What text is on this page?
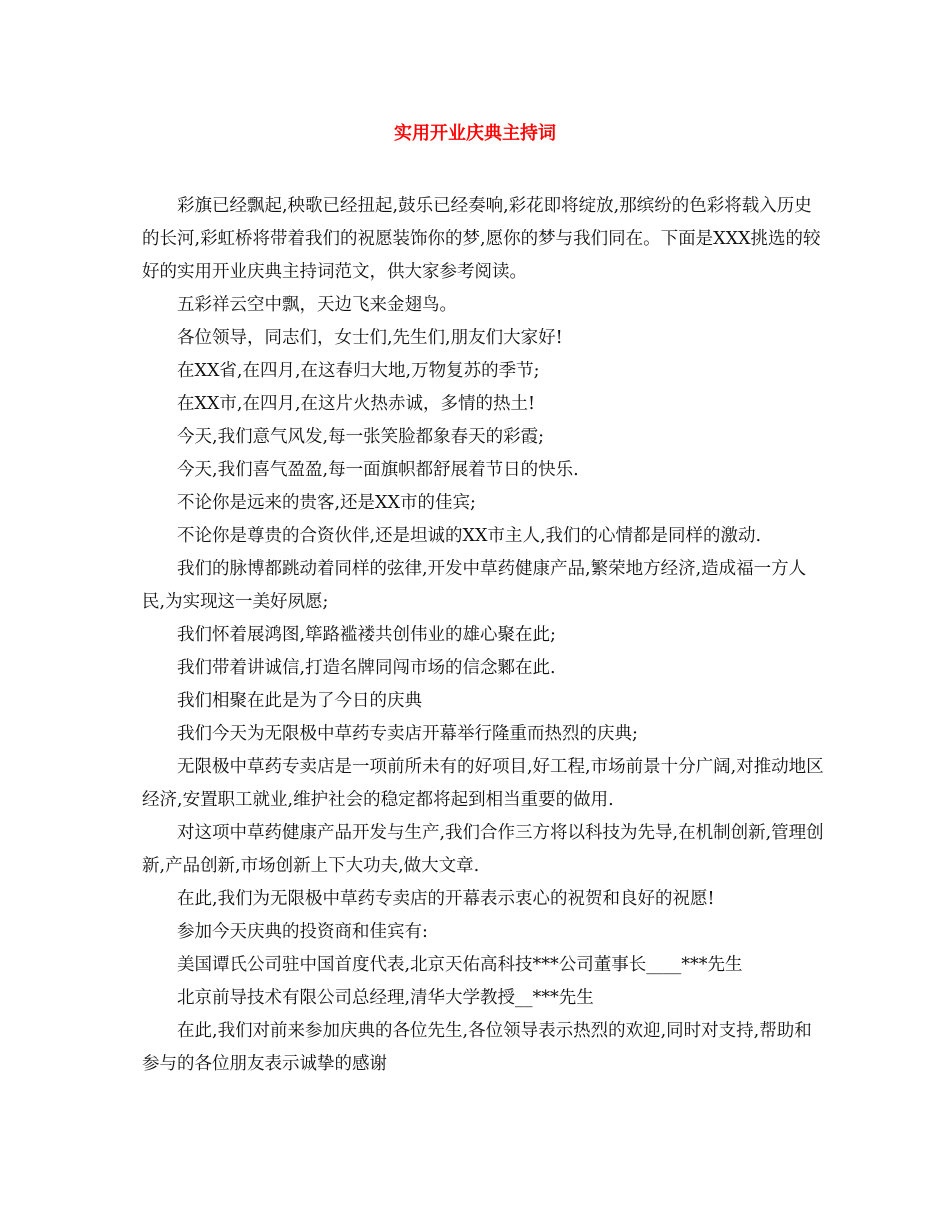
实用开业庆典主持词

彩旗已经飘起,秧歌已经扭起,鼓乐已经奏响,彩花即将绽放,那缤纷的色彩将载入历史的长河,彩虹桥将带着我们的祝愿装饰你的梦,愿你的梦与我们同在。下面是XXX挑选的较好的实用开业庆典主持词范文，供大家参考阅读。

五彩祥云空中飘，天边飞来金翅鸟。

各位领导，同志们，女士们,先生们,朋友们大家好!

在XX省,在四月,在这春归大地,万物复苏的季节;

在XX市,在四月,在这片火热赤诚，多情的热土!

今天,我们意气风发,每一张笑脸都象春天的彩霞;

今天,我们喜气盈盈,每一面旗帜都舒展着节日的快乐.

不论你是远来的贵客,还是XX市的佳宾;

不论你是尊贵的合资伙伴,还是坦诚的XX市主人,我们的心情都是同样的激动.

我们的脉博都跳动着同样的弦律,开发中草药健康产品,繁荣地方经济,造成福一方人民,为实现这一美好夙愿;

我们怀着展鸿图,筚路褴褛共创伟业的雄心聚在此;

我们带着讲诚信,打造名牌同闯市场的信念鄹在此.

我们相聚在此是为了今日的庆典

我们今天为无限极中草药专卖店开幕举行隆重而热烈的庆典;

无限极中草药专卖店是一项前所未有的好项目,好工程,市场前景十分广阔,对推动地区经济,安置职工就业,维护社会的稳定都将起到相当重要的做用.

对这项中草药健康产品开发与生产,我们合作三方将以科技为先导,在机制创新,管理创新,产品创新,市场创新上下大功夫,做大文章.

在此,我们为无限极中草药专卖店的开幕表示衷心的祝贺和良好的祝愿!

参加今天庆典的投资商和佳宾有:

美国谭氏公司驻中国首度代表,北京天佑高科技***公司董事长____***先生

北京前导技术有限公司总经理,清华大学教授__***先生

在此,我们对前来参加庆典的各位先生,各位领导表示热烈的欢迎,同时对支持,帮助和参与的各位朋友表示诚挚的感谢
